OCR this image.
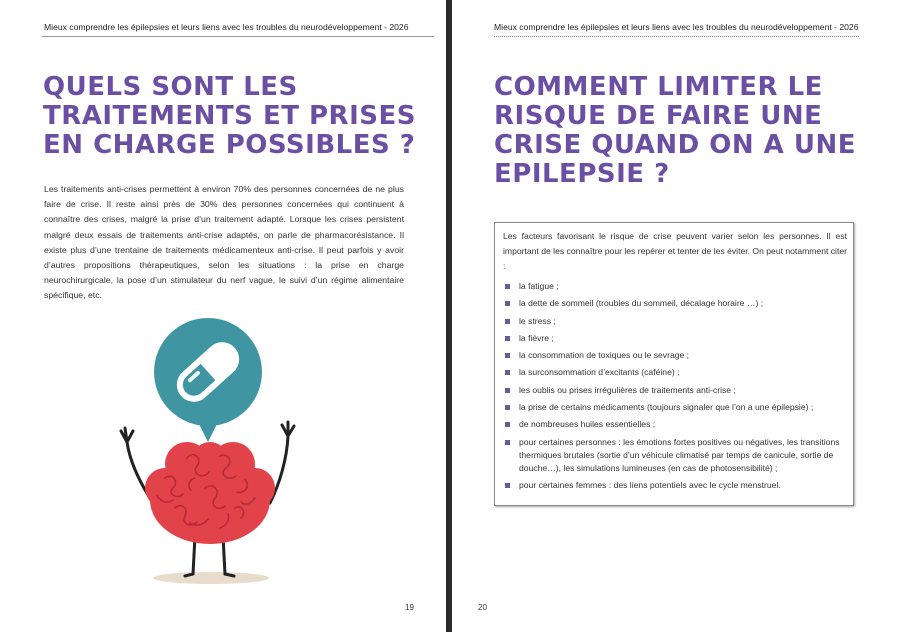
Mieux comprendre les épilepsies et leurs liens avec les troubles du neurodéveloppement - 2026
QUELS SONT LES TRAITEMENTS ET PRISES EN CHARGE POSSIBLES ?

Les traitements anti-crises permettent à environ 70% des personnes concernées de ne plus faire de crise. Il reste ainsi près de 30% des personnes concernées qui continuent à connaître des crises, malgré la prise d’un traitement adapté. Lorsque les crises persistent malgré deux essais de traitements anti-crise adaptés, on parle de pharmacorésistance. Il existe plus d’une trentaine de traitements médicamenteux anti-crise. Il peut parfois y avoir d’autres propositions thérapeutiques, selon les situations : la prise en charge neurochirurgicale, la pose d’un stimulateur du nerf vague, le suivi d’un régime alimentaire spécifique, etc.

19
Mieux comprendre les épilepsies et leurs liens avec les troubles du neurodéveloppement - 2026
COMMENT LIMITER LE RISQUE DE FAIRE UNE CRISE QUAND ON A UNE EPILEPSIE ?

Les facteurs favorisant le risque de crise peuvent varier selon les personnes. Il est important de les connaître pour les repérer et tenter de les éviter. On peut notamment citer :

la fatigue ;
la dette de sommeil (troubles du sommeil, décalage horaire …) ;
le stress ;
la fièvre ;
la consommation de toxiques ou le sevrage ;
la surconsommation d’excitants (caféine) ;
les oublis ou prises irrégulières de traitements anti-crise ;
la prise de certains médicaments (toujours signaler que l’on a une épilepsie) ;
de nombreuses huiles essentielles ;
pour certaines personnes : les émotions fortes positives ou négatives, les transitions thermiques brutales (sortie d’un véhicule climatisé par temps de canicule, sortie de douche…), les simulations lumineuses (en cas de photosensibilité) ;
pour certaines femmes : des liens potentiels avec le cycle menstruel.
20
